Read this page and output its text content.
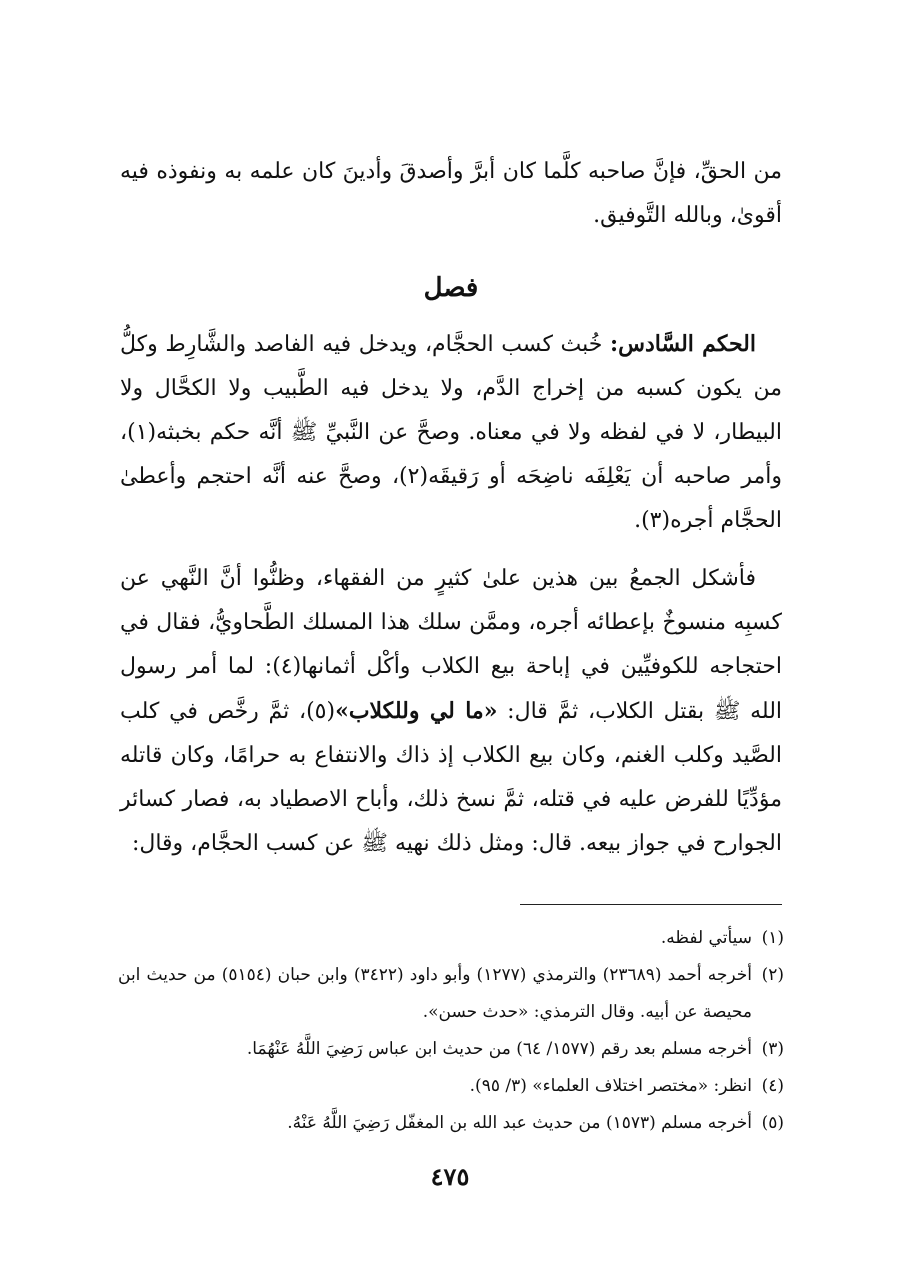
من الحقِّ، فإنَّ صاحبه كلَّما كان أبرَّ وأصدقَ وأدينَ كان علمه به ونفوذه فيه أقوىٰ، وبالله التَّوفيق.

فصل

الحكم السَّادس: خُبث كسب الحجَّام، ويدخل فيه الفاصد والشَّارِط وكلُّ من يكون كسبه من إخراج الدَّم، ولا يدخل فيه الطَّبيب ولا الكحَّال ولا البيطار، لا في لفظه ولا في معناه. وصحَّ عن النَّبيِّ ﷺ أنَّه حكم بخبثه(١)، وأمر صاحبه أن يَعْلِفَه ناضِحَه أو رَقيقَه(٢)، وصحَّ عنه أنَّه احتجم وأعطىٰ الحجَّام أجره(٣).

فأشكل الجمعُ بين هذين علىٰ كثيرٍ من الفقهاء، وظنُّوا أنَّ النَّهي عن كسبِه منسوخٌ بإعطائه أجره، وممَّن سلك هذا المسلك الطَّحاويُّ، فقال في احتجاجه للكوفيِّين في إباحة بيع الكلاب وأكْل أثمانها(٤): لما أمر رسول الله ﷺ بقتل الكلاب، ثمَّ قال: «ما لي وللكلاب»(٥)، ثمَّ رخَّص في كلب الصَّيد وكلب الغنم، وكان بيع الكلاب إذ ذاك والانتفاع به حرامًا، وكان قاتله مؤدِّيًا للفرض عليه في قتله، ثمَّ نسخ ذلك، وأباح الاصطياد به، فصار كسائر الجوارح في جواز بيعه. قال: ومثل ذلك نهيه ﷺ عن كسب الحجَّام، وقال:

(١)
سيأتي لفظه.

(٢)
أخرجه أحمد (٢٣٦٨٩) والترمذي (١٢٧٧) وأبو داود (٣٤٢٢) وابن حبان (٥١٥٤) من حديث ابن محيصة عن أبيه. وقال الترمذي: «حدث حسن».

(٣)
أخرجه مسلم بعد رقم (١٥٧٧/ ٦٤) من حديث ابن عباس رَضِيَ اللَّهُ عَنْهُمَا.

(٤)
انظر: «مختصر اختلاف العلماء» (٣/ ٩٥).

(٥)
أخرجه مسلم (١٥٧٣) من حديث عبد الله بن المغفّل رَضِيَ اللَّهُ عَنْهُ.

٤٧٥
